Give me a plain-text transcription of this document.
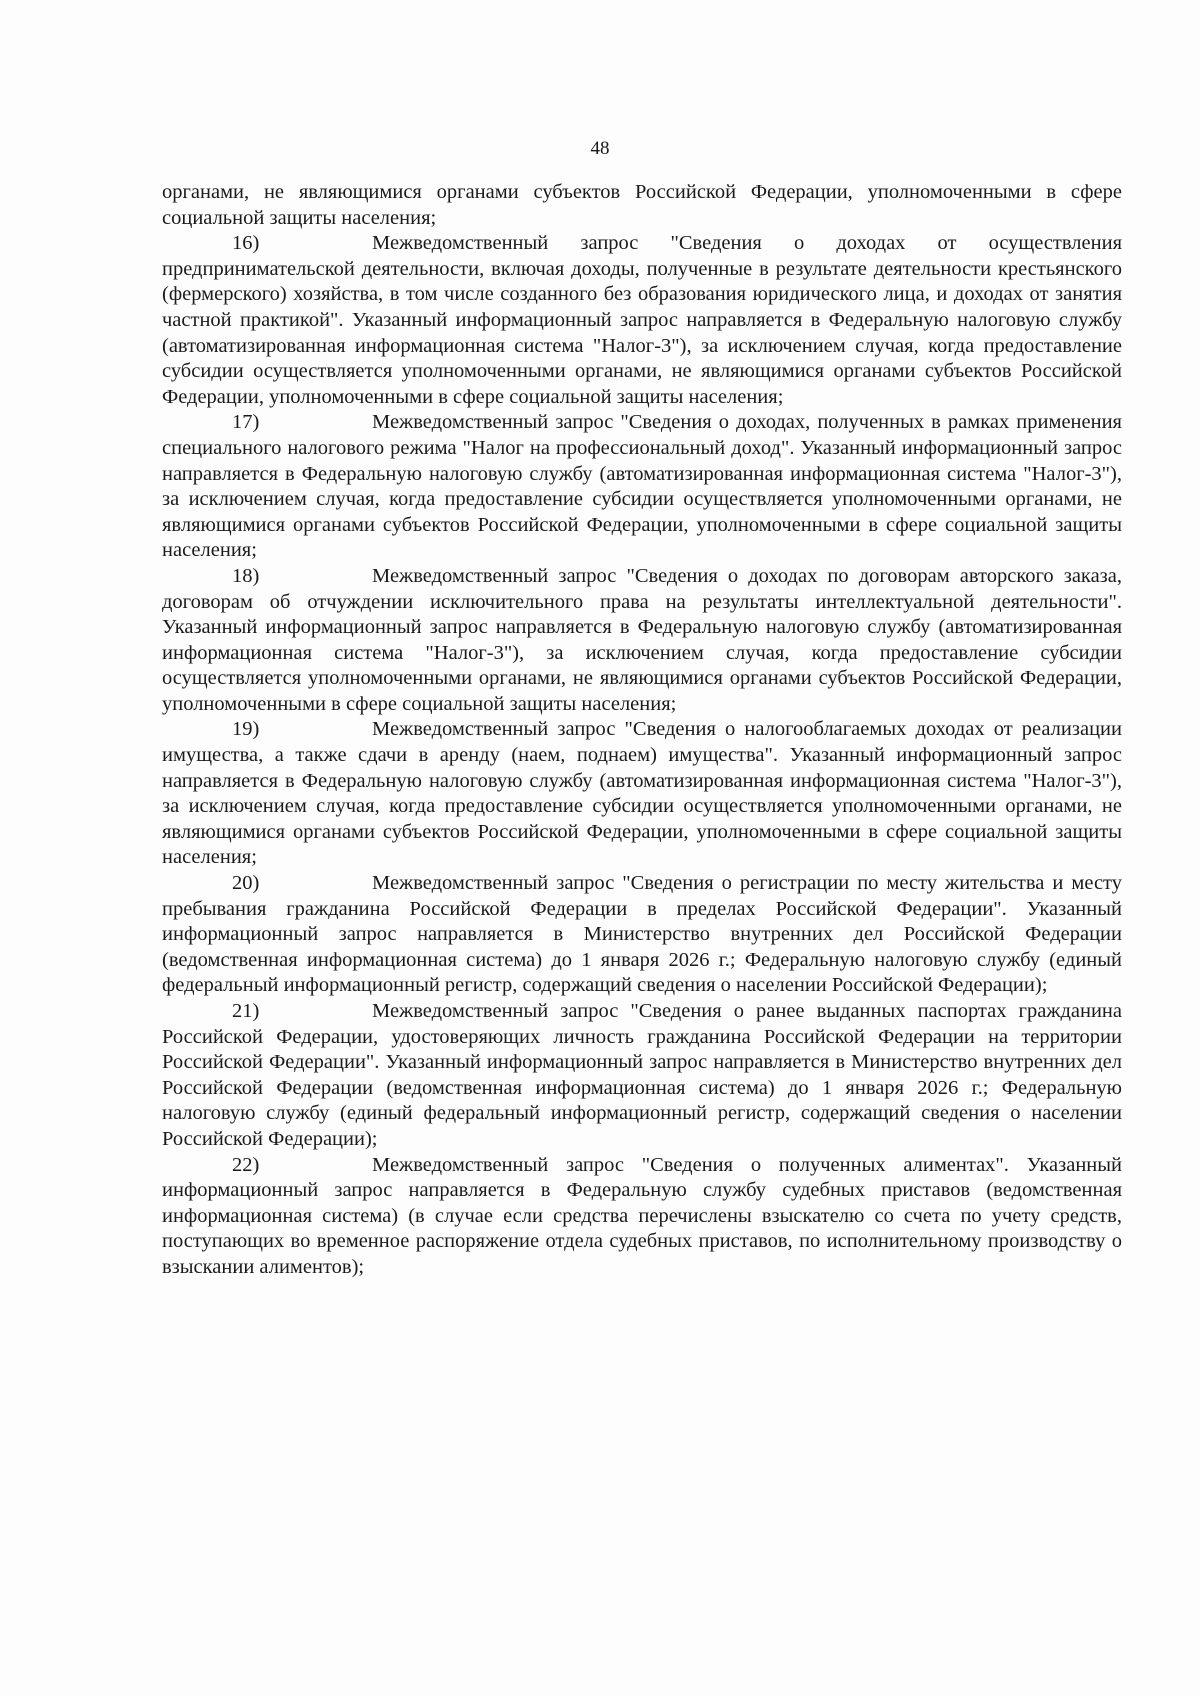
48

органами, не являющимися органами субъектов Российской Федерации, уполномоченными в сфере социальной защиты населения;

16)	Межведомственный запрос "Сведения о доходах от осуществления предпринимательской деятельности, включая доходы, полученные в результате деятельности крестьянского (фермерского) хозяйства, в том числе созданного без образования юридического лица, и доходах от занятия частной практикой". Указанный информационный запрос направляется в Федеральную налоговую службу (автоматизированная информационная система "Налог-3"), за исключением случая, когда предоставление субсидии осуществляется уполномоченными органами, не являющимися органами субъектов Российской Федерации, уполномоченными в сфере социальной защиты населения;

17)	Межведомственный запрос "Сведения о доходах, полученных в рамках применения специального налогового режима "Налог на профессиональный доход". Указанный информационный запрос направляется в Федеральную налоговую службу (автоматизированная информационная система "Налог-3"), за исключением случая, когда предоставление субсидии осуществляется уполномоченными органами, не являющимися органами субъектов Российской Федерации, уполномоченными в сфере социальной защиты населения;

18)	Межведомственный запрос "Сведения о доходах по договорам авторского заказа, договорам об отчуждении исключительного права на результаты интеллектуальной деятельности". Указанный информационный запрос направляется в Федеральную налоговую службу (автоматизированная информационная система "Налог-3"), за исключением случая, когда предоставление субсидии осуществляется уполномоченными органами, не являющимися органами субъектов Российской Федерации, уполномоченными в сфере социальной защиты населения;

19)	Межведомственный запрос "Сведения о налогооблагаемых доходах от реализации имущества, а также сдачи в аренду (наем, поднаем) имущества". Указанный информационный запрос направляется в Федеральную налоговую службу (автоматизированная информационная система "Налог-3"), за исключением случая, когда предоставление субсидии осуществляется уполномоченными органами, не являющимися органами субъектов Российской Федерации, уполномоченными в сфере социальной защиты населения;

20)	Межведомственный запрос "Сведения о регистрации по месту жительства и месту пребывания гражданина Российской Федерации в пределах Российской Федерации". Указанный информационный запрос направляется в Министерство внутренних дел Российской Федерации (ведомственная информационная система) до 1 января 2026 г.; Федеральную налоговую службу (единый федеральный информационный регистр, содержащий сведения о населении Российской Федерации);

21)	Межведомственный запрос "Сведения о ранее выданных паспортах гражданина Российской Федерации, удостоверяющих личность гражданина Российской Федерации на территории Российской Федерации". Указанный информационный запрос направляется в Министерство внутренних дел Российской Федерации (ведомственная информационная система) до 1 января 2026 г.; Федеральную налоговую службу (единый федеральный информационный регистр, содержащий сведения о населении Российской Федерации);

22)	Межведомственный запрос "Сведения о полученных алиментах". Указанный информационный запрос направляется в Федеральную службу судебных приставов (ведомственная информационная система) (в случае если средства перечислены взыскателю со счета по учету средств, поступающих во временное распоряжение отдела судебных приставов, по исполнительному производству о взыскании алиментов);
